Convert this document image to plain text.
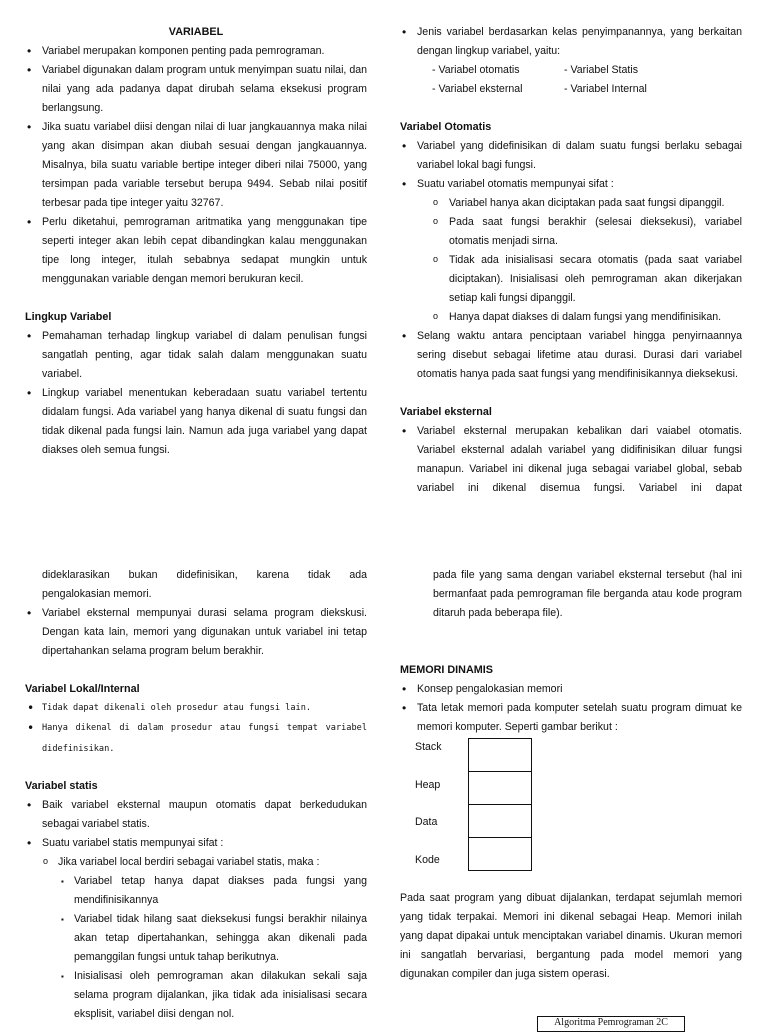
VARIABEL
• Variabel merupakan komponen penting pada pemrograman.
• Variabel digunakan dalam program untuk menyimpan suatu nilai, dan nilai yang ada padanya dapat dirubah selama eksekusi program berlangsung.
• Jika suatu variabel diisi dengan nilai di luar jangkauannya maka nilai yang akan disimpan akan diubah sesuai dengan jangkauannya. Misalnya, bila suatu variable bertipe integer diberi nilai 75000, yang tersimpan pada variable tersebut berupa 9494. Sebab nilai positif terbesar pada tipe integer yaitu 32767.
• Perlu diketahui, pemrograman aritmatika yang menggunakan tipe seperti integer akan lebih cepat dibandingkan kalau menggunakan tipe long integer, itulah sebabnya sedapat mungkin untuk menggunakan variable dengan memori berukuran kecil.
Lingkup Variabel
• Pemahaman terhadap lingkup variabel di dalam penulisan fungsi sangatlah penting, agar tidak salah dalam menggunakan suatu variabel.
• Lingkup variabel menentukan keberadaan suatu variabel tertentu didalam fungsi. Ada variabel yang hanya dikenal di suatu fungsi dan tidak dikenal pada fungsi lain. Namun ada juga variabel yang dapat diakses oleh semua fungsi.
• Jenis variabel berdasarkan kelas penyimpanannya, yang berkaitan dengan lingkup variabel, yaitu:
- Variabel otomatis
- Variabel eksternal
- Variabel Statis
- Variabel Internal
Variabel Otomatis
• Variabel yang didefinisikan di dalam suatu fungsi berlaku sebagai variabel lokal bagi fungsi.
• Suatu variabel otomatis mempunyai sifat :
o Variabel hanya akan diciptakan pada saat fungsi dipanggil.
o Pada saat fungsi berakhir (selesai dieksekusi), variabel otomatis menjadi sirna.
o Tidak ada inisialisasi secara otomatis (pada saat variabel diciptakan). Inisialisasi oleh pemrograman akan dikerjakan setiap kali fungsi dipanggil.
o Hanya dapat diakses di dalam fungsi yang mendifinisikan.
• Selang waktu antara penciptaan variabel hingga penyirnaannya sering disebut sebagai lifetime atau durasi. Durasi dari variabel otomatis hanya pada saat fungsi yang mendifinisikannya dieksekusi.
Variabel eksternal
• Variabel eksternal merupakan kebalikan dari vaiabel otomatis. Variabel eksternal adalah variabel yang didifinisikan diluar fungsi manapun. Variabel ini dikenal juga sebagai variabel global, sebab variabel ini dikenal disemua fungsi. Variabel ini dapat
dideklarasikan bukan didefinisikan, karena tidak ada
pengalokasian memori.
• Variabel eksternal mempunyai durasi selama program diekskusi. Dengan kata lain, memori yang digunakan untuk variabel ini tetap dipertahankan selama program belum berakhir.
Variabel Lokal/Internal
• Tidak dapat dikenali oleh prosedur atau fungsi lain.
• Hanya dikenal di dalam prosedur atau fungsi tempat variabel didefinisikan.
Variabel statis
• Baik variabel eksternal maupun otomatis dapat berkedudukan sebagai variabel statis.
• Suatu variabel statis mempunyai sifat :
o Jika variabel local berdiri sebagai variabel statis, maka :
▪ Variabel tetap hanya dapat diakses pada fungsi yang mendifinisikannya
▪ Variabel tidak hilang saat dieksekusi fungsi berakhir nilainya akan tetap dipertahankan, sehingga akan dikenali pada pemanggilan fungsi untuk tahap berikutnya.
▪ Inisialisasi oleh pemrograman akan dilakukan sekali saja selama program dijalankan, jika tidak ada inisialisasi secara eksplisit, variabel diisi dengan nol.
pada file yang sama dengan variabel eksternal tersebut (hal ini bermanfaat pada pemrograman file berganda atau kode program ditaruh pada beberapa file).
MEMORI DINAMIS
• Konsep pengalokasian memori
• Tata letak memori pada komputer setelah suatu program dimuat ke memori komputer. Seperti gambar berikut :
Stack
Heap
Data
Kode
Pada saat program yang dibuat dijalankan, terdapat sejumlah memori yang tidak terpakai. Memori ini dikenal sebagai Heap. Memori inilah yang dapat dipakai untuk menciptakan variabel dinamis. Ukuran memori ini sangatlah bervariasi, bergantung pada model memori yang digunakan compiler dan juga sistem operasi.
Algoritma Pemrograman 2C
